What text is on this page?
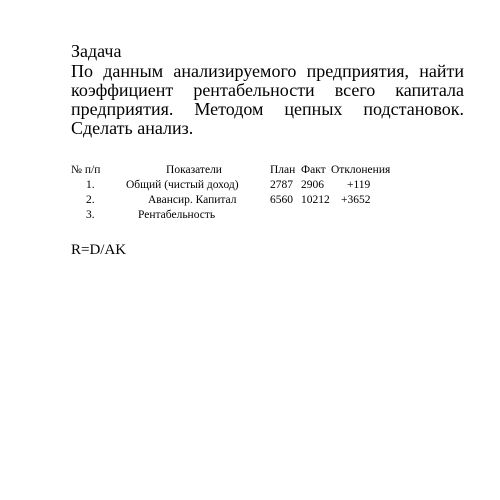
Задача

По данным анализируемого предприятия, найти коэффициент рентабельности всего капитала предприятия. Методом цепных подстановок. Сделать анализ.

№ п/п	Показатели	План	Факт	Отклонения
1.	Общий (чистый доход)	2787	2906	+119
2.	Авансир. Капитал	6560	10212	+3652
3.	Рентабельность			
R=D/AK
